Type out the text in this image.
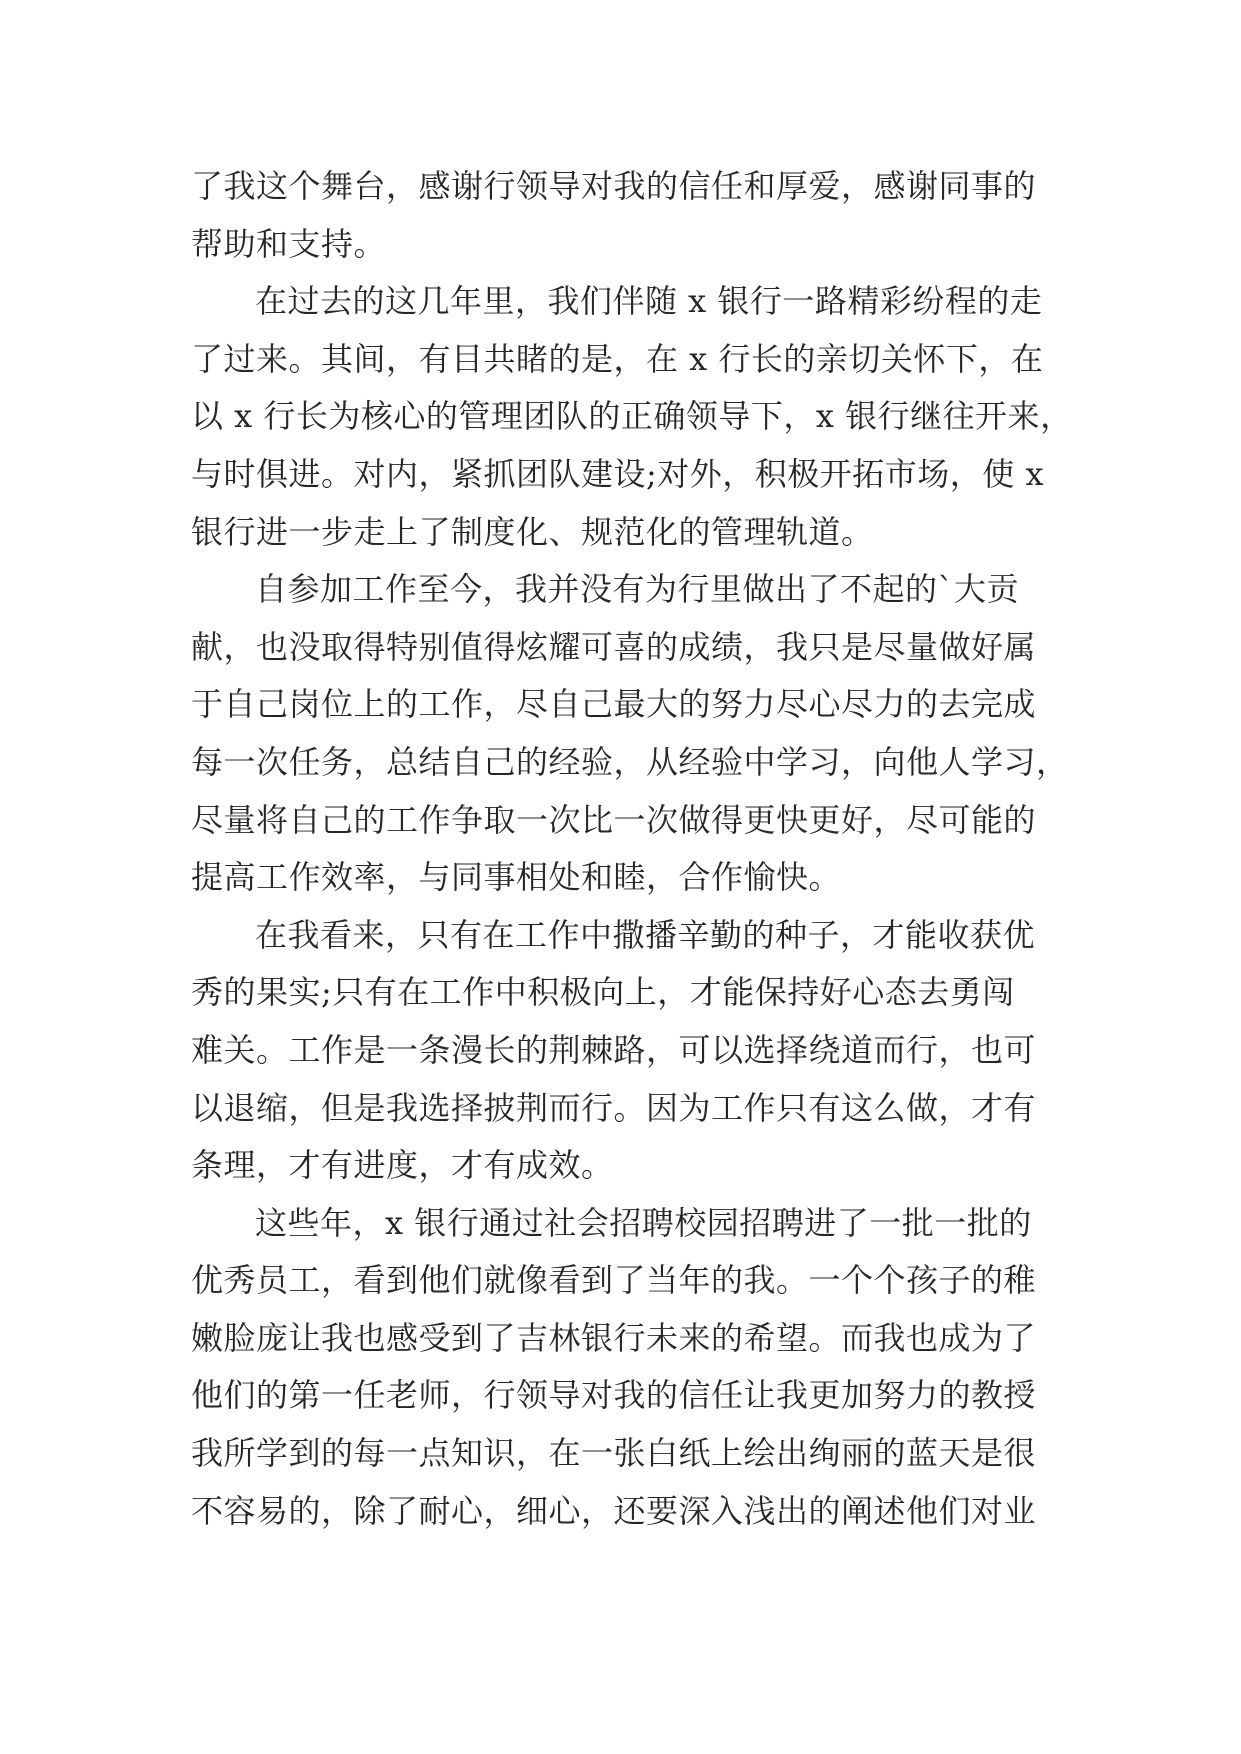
了我这个舞台，感谢行领导对我的信任和厚爱，感谢同事的
帮助和支持。
在过去的这几年里，我们伴随 x 银行一路精彩纷程的走
了过来。其间，有目共睹的是，在 x 行长的亲切关怀下，在
以 x 行长为核心的管理团队的正确领导下，x 银行继往开来，
与时俱进。对内，紧抓团队建设;对外，积极开拓市场，使 x
银行进一步走上了制度化、规范化的管理轨道。
自参加工作至今，我并没有为行里做出了不起的`大贡
献，也没取得特别值得炫耀可喜的成绩，我只是尽量做好属
于自己岗位上的工作，尽自己最大的努力尽心尽力的去完成
每一次任务，总结自己的经验，从经验中学习，向他人学习，
尽量将自己的工作争取一次比一次做得更快更好，尽可能的
提高工作效率，与同事相处和睦，合作愉快。
在我看来，只有在工作中撒播辛勤的种子，才能收获优
秀的果实;只有在工作中积极向上，才能保持好心态去勇闯
难关。工作是一条漫长的荆棘路，可以选择绕道而行，也可
以退缩，但是我选择披荆而行。因为工作只有这么做，才有
条理，才有进度，才有成效。
这些年，x 银行通过社会招聘校园招聘进了一批一批的
优秀员工，看到他们就像看到了当年的我。一个个孩子的稚
嫩脸庞让我也感受到了吉林银行未来的希望。而我也成为了
他们的第一任老师，行领导对我的信任让我更加努力的教授
我所学到的每一点知识，在一张白纸上绘出绚丽的蓝天是很
不容易的，除了耐心，细心，还要深入浅出的阐述他们对业
